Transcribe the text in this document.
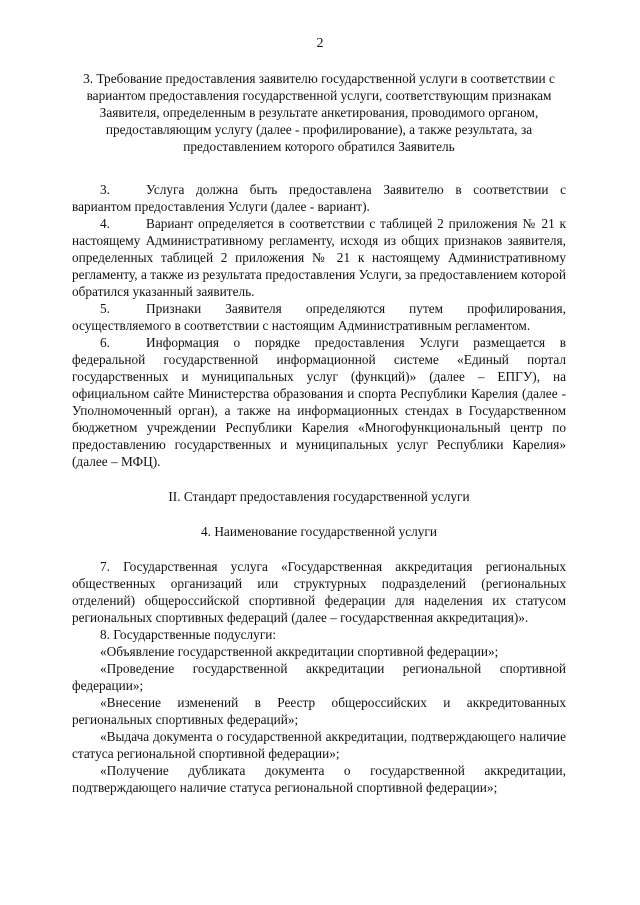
2

3. Требование предоставления заявителю государственной услуги в соответствии с вариантом предоставления государственной услуги, соответствующим признакам Заявителя, определенным в результате анкетирования, проводимого органом, предоставляющим услугу (далее - профилирование), а также результата, за предоставлением которого обратился Заявитель

3.	Услуга должна быть предоставлена Заявителю в соответствии с вариантом предоставления Услуги (далее - вариант).

4.	Вариант определяется в соответствии с таблицей 2 приложения № 21 к настоящему Административному регламенту, исходя из общих признаков заявителя, определенных таблицей 2 приложения № 21 к настоящему Административному регламенту, а также из результата предоставления Услуги, за предоставлением которой обратился указанный заявитель.

5.	Признаки Заявителя определяются путем профилирования, осуществляемого в соответствии с настоящим Административным регламентом.

6.	Информация о порядке предоставления Услуги размещается в федеральной государственной информационной системе «Единый портал государственных и муниципальных услуг (функций)» (далее – ЕПГУ), на официальном сайте Министерства образования и спорта Республики Карелия (далее - Уполномоченный орган), а также на информационных стендах в Государственном бюджетном учреждении Республики Карелия «Многофункциональный центр по предоставлению государственных и муниципальных услуг Республики Карелия» (далее – МФЦ).

II. Стандарт предоставления государственной услуги

4. Наименование государственной услуги

7. Государственная услуга «Государственная аккредитация региональных общественных организаций или структурных подразделений (региональных отделений) общероссийской спортивной федерации для наделения их статусом региональных спортивных федераций (далее – государственная аккредитация)».

8. Государственные подуслуги:

«Объявление государственной аккредитации спортивной федерации»;

«Проведение государственной аккредитации региональной спортивной федерации»;

«Внесение изменений в Реестр общероссийских и аккредитованных региональных спортивных федераций»;

«Выдача документа о государственной аккредитации, подтверждающего наличие статуса региональной спортивной федерации»;

«Получение дубликата документа о государственной аккредитации, подтверждающего наличие статуса региональной спортивной федерации»;
